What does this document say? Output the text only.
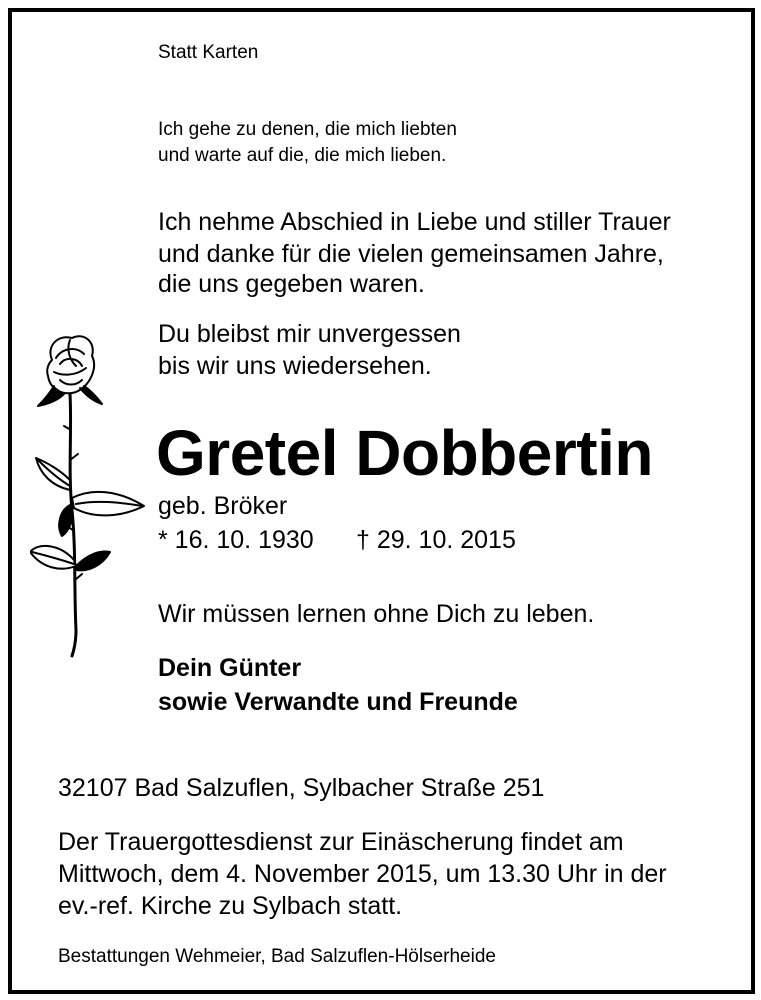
Statt Karten
Ich gehe zu denen, die mich liebten
und warte auf die, die mich lieben.
Ich nehme Abschied in Liebe und stiller Trauer
und danke für die vielen gemeinsamen Jahre,
die uns gegeben waren.
Du bleibst mir unvergessen
bis wir uns wiedersehen.
Gretel Dobbertin
geb. Bröker
* 16. 10. 1930 † 29. 10. 2015
Wir müssen lernen ohne Dich zu leben.
Dein Günter
sowie Verwandte und Freunde
32107 Bad Salzuflen, Sylbacher Straße 251
Der Trauergottesdienst zur Einäscherung findet am
Mittwoch, dem 4. November 2015, um 13.30 Uhr in der
ev.-ref. Kirche zu Sylbach statt.
Bestattungen Wehmeier, Bad Salzuflen-Hölserheide
